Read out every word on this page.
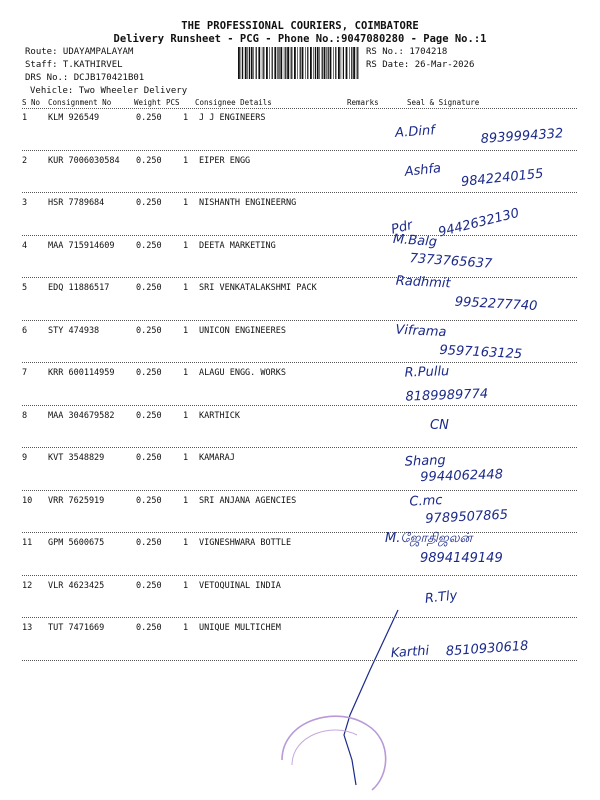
THE PROFESSIONAL COURIERS, COIMBATORE
Delivery Runsheet - PCG - Phone No.:9047080280 - Page No.:1
Route: UDAYAMPALAYAM
Staff: T.KATHIRVEL
DRS No.: DCJB170421B01
Vehicle: Two Wheeler Delivery
RS No.: 1704218
RS Date: 26-Mar-2026
S No Consignment No	Weight PCS Consignee Details	Remarks	Seal & Signature
1 KLM 926549	0.250	1 J J ENGINEERS
A.Dinf	8939994332
2 KUR 7006030584 0.250	1 EIPER ENGG
Ashfa 9842240155
3 HSR 7789684	0.250	1 NISHANTH ENGINEERNG
Pdr 9442632130
4 MAA 715914609	0.250	1 DEETA MARKETING	M.Balg
7373765637
5 EDQ 11886517	0.250	1 SRI VENKATALAKSHMI PACK	Radhmit
9952277740
6 STY 474938	0.250	1 UNICON ENGINEERES	Viframa
9597163125
7 KRR 600114959	0.250	1 ALAGU ENGG. WORKS	R.Pullu
8189989774
8 MAA 304679582	0.250	1 KARTHICK
CN
9 KVT 3548829	0.250	1 KAMARAJ	Shang
9944062448
10 VRR 7625919	0.250	1 SRI ANJANA AGENCIES	C.mc
9789507865
11 GPM 5600675	0.250	1 VIGNESHWARA BOTTLE	M.ஜோதிஜலன்
9894149149
12 VLR 4623425	0.250	1 VETOQUINAL INDIA
R.Tly
13 TUT 7471669	0.250	1 UNIQUE MULTICHEM
Karthi 8510930618
